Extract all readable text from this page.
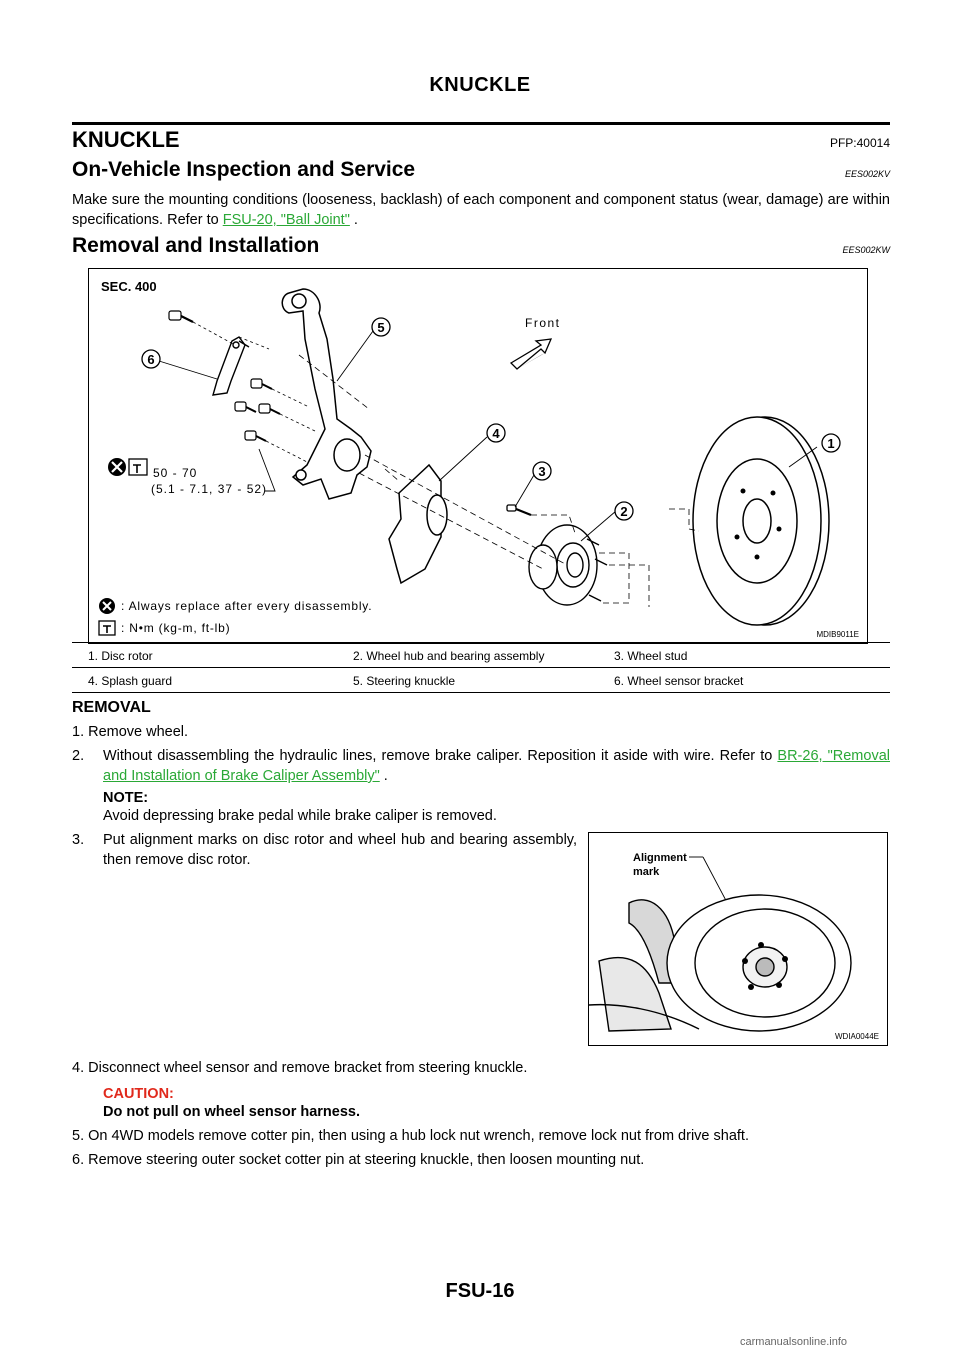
KNUCKLE
KNUCKLE	PFP:40014
On-Vehicle Inspection and Service	EES002KV
Make sure the mounting conditions (looseness, backlash) of each component and component status (wear, damage) are within specifications. Refer to FSU-20, "Ball Joint" .
Removal and Installation	EES002KW
SEC. 400
Front
5
6
4
3
2
1
50 - 70
(5.1 - 7.1, 37 - 52)
: Always replace after every disassembly.
: N•m (kg-m, ft-lb)	MDIB9011E
1. Disc rotor	2. Wheel hub and bearing assembly	3. Wheel stud
4. Splash guard	5. Steering knuckle	6. Wheel sensor bracket
REMOVAL
1. Remove wheel.
2. Without disassembling the hydraulic lines, remove brake caliper. Reposition it aside with wire. Refer to BR-26, "Removal and Installation of Brake Caliper Assembly" .
NOTE:
Avoid depressing brake pedal while brake caliper is removed.
3. Put alignment marks on disc rotor and wheel hub and bearing assembly, then remove disc rotor.	Alignment
mark
WDIA0044E
4. Disconnect wheel sensor and remove bracket from steering knuckle.
CAUTION:
Do not pull on wheel sensor harness.
5. On 4WD models remove cotter pin, then using a hub lock nut wrench, remove lock nut from drive shaft.
6. Remove steering outer socket cotter pin at steering knuckle, then loosen mounting nut.
FSU-16
carmanualsonline.info
